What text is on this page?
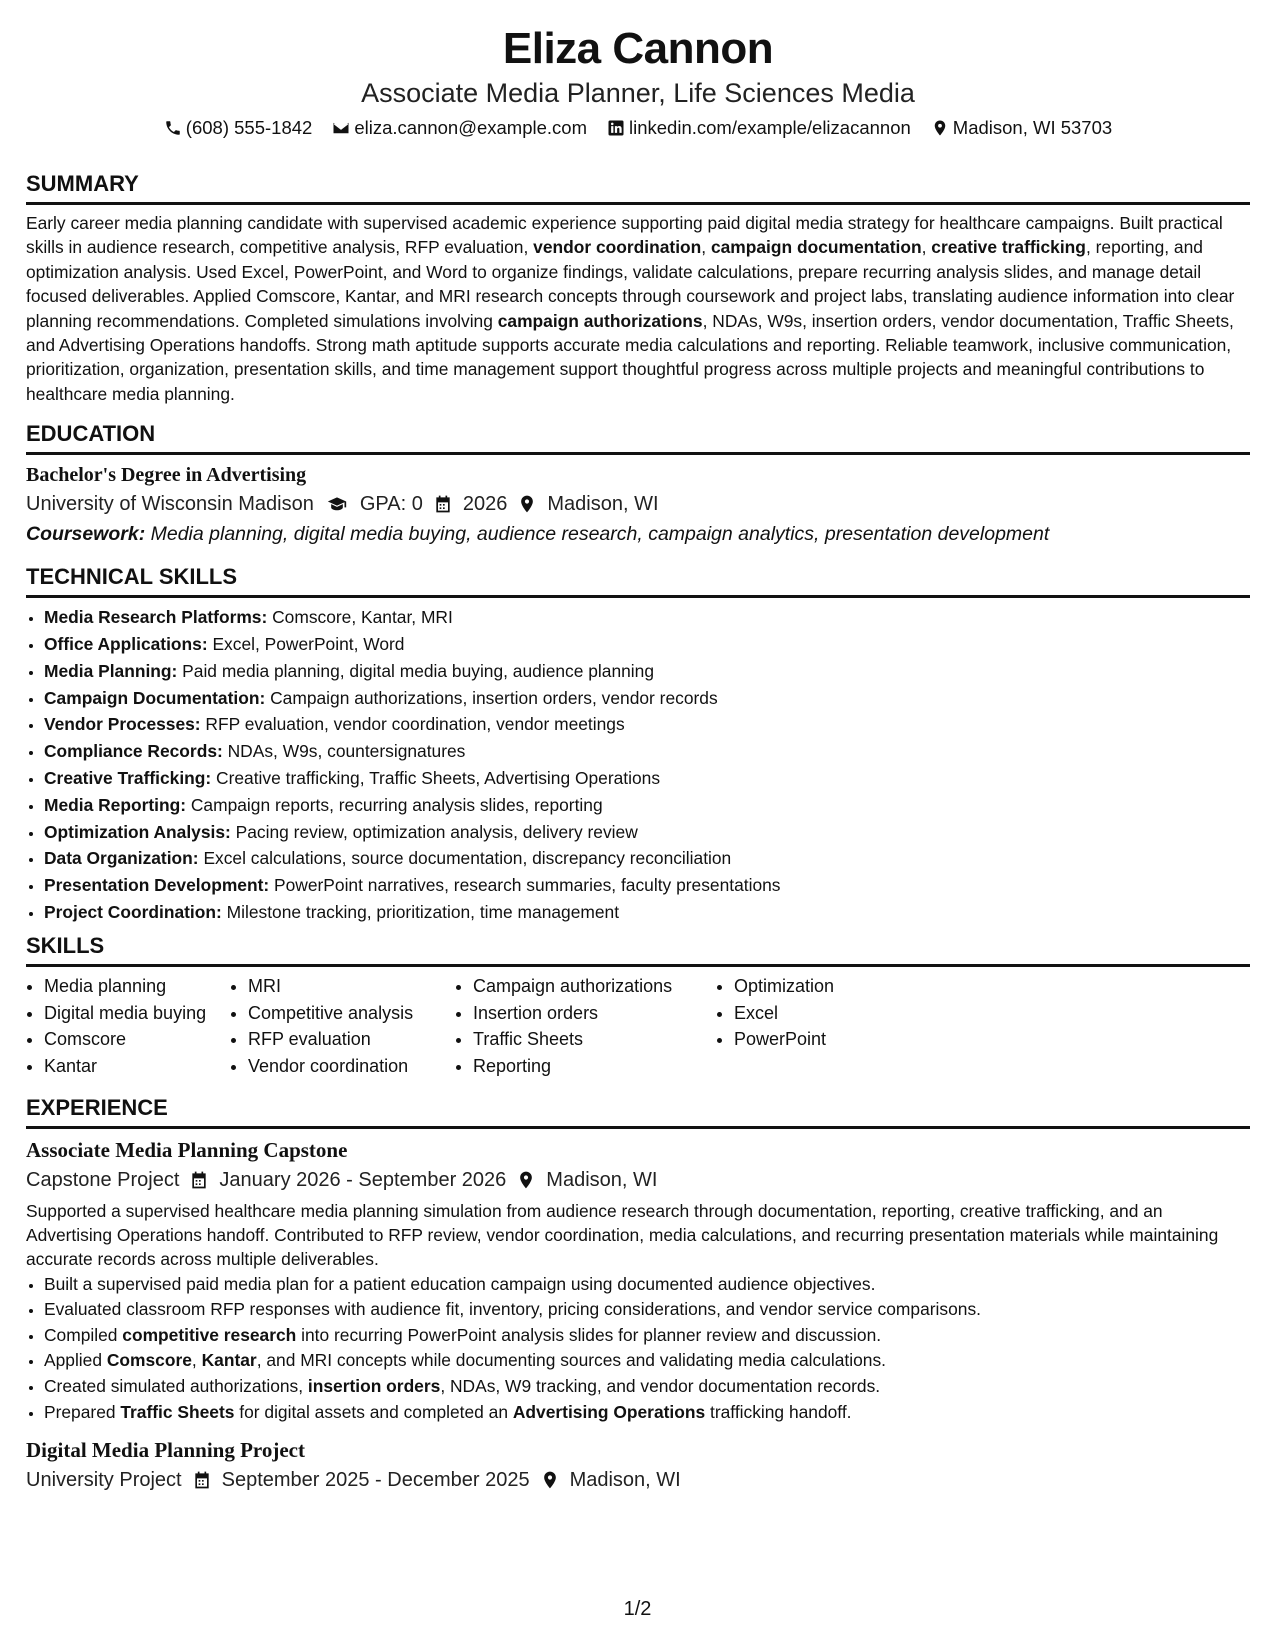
Eliza Cannon
Associate Media Planner, Life Sciences Media
(608) 555-1842 eliza.cannon@example.com linkedin.com/example/elizacannon Madison, WI 53703
SUMMARY

Early career media planning candidate with supervised academic experience supporting paid digital media strategy for healthcare campaigns. Built practical skills in audience research, competitive analysis, RFP evaluation, vendor coordination, campaign documentation, creative trafficking, reporting, and optimization analysis. Used Excel, PowerPoint, and Word to organize findings, validate calculations, prepare recurring analysis slides, and manage detail focused deliverables. Applied Comscore, Kantar, and MRI research concepts through coursework and project labs, translating audience information into clear planning recommendations. Completed simulations involving campaign authorizations, NDAs, W9s, insertion orders, vendor documentation, Traffic Sheets, and Advertising Operations handoffs. Strong math aptitude supports accurate media calculations and reporting. Reliable teamwork, inclusive communication, prioritization, organization, presentation skills, and time management support thoughtful progress across multiple projects and meaningful contributions to healthcare media planning.

EDUCATION
Bachelor's Degree in Advertising
University of Wisconsin Madison GPA: 0 2026 Madison, WI
Coursework: Media planning, digital media buying, audience research, campaign analytics, presentation development
TECHNICAL SKILLS
• Media Research Platforms: Comscore, Kantar, MRI
• Office Applications: Excel, PowerPoint, Word
• Media Planning: Paid media planning, digital media buying, audience planning
• Campaign Documentation: Campaign authorizations, insertion orders, vendor records
• Vendor Processes: RFP evaluation, vendor coordination, vendor meetings
• Compliance Records: NDAs, W9s, countersignatures
• Creative Trafficking: Creative trafficking, Traffic Sheets, Advertising Operations
• Media Reporting: Campaign reports, recurring analysis slides, reporting
• Optimization Analysis: Pacing review, optimization analysis, delivery review
• Data Organization: Excel calculations, source documentation, discrepancy reconciliation
• Presentation Development: PowerPoint narratives, research summaries, faculty presentations
• Project Coordination: Milestone tracking, prioritization, time management
SKILLS
• Media planning
• Digital media buying
• Comscore
• Kantar
• MRI
• Competitive analysis
• RFP evaluation
• Vendor coordination
• Campaign authorizations
• Insertion orders
• Traffic Sheets
• Reporting
• Optimization
• Excel
• PowerPoint
EXPERIENCE
Associate Media Planning Capstone
Capstone Project January 2026 - September 2026 Madison, WI

Supported a supervised healthcare media planning simulation from audience research through documentation, reporting, creative trafficking, and an Advertising Operations handoff. Contributed to RFP review, vendor coordination, media calculations, and recurring presentation materials while maintaining accurate records across multiple deliverables.

• Built a supervised paid media plan for a patient education campaign using documented audience objectives.
• Evaluated classroom RFP responses with audience fit, inventory, pricing considerations, and vendor service comparisons.
• Compiled competitive research into recurring PowerPoint analysis slides for planner review and discussion.
• Applied Comscore, Kantar, and MRI concepts while documenting sources and validating media calculations.
• Created simulated authorizations, insertion orders, NDAs, W9 tracking, and vendor documentation records.
• Prepared Traffic Sheets for digital assets and completed an Advertising Operations trafficking handoff.
Digital Media Planning Project
University Project September 2025 - December 2025 Madison, WI
1/2
